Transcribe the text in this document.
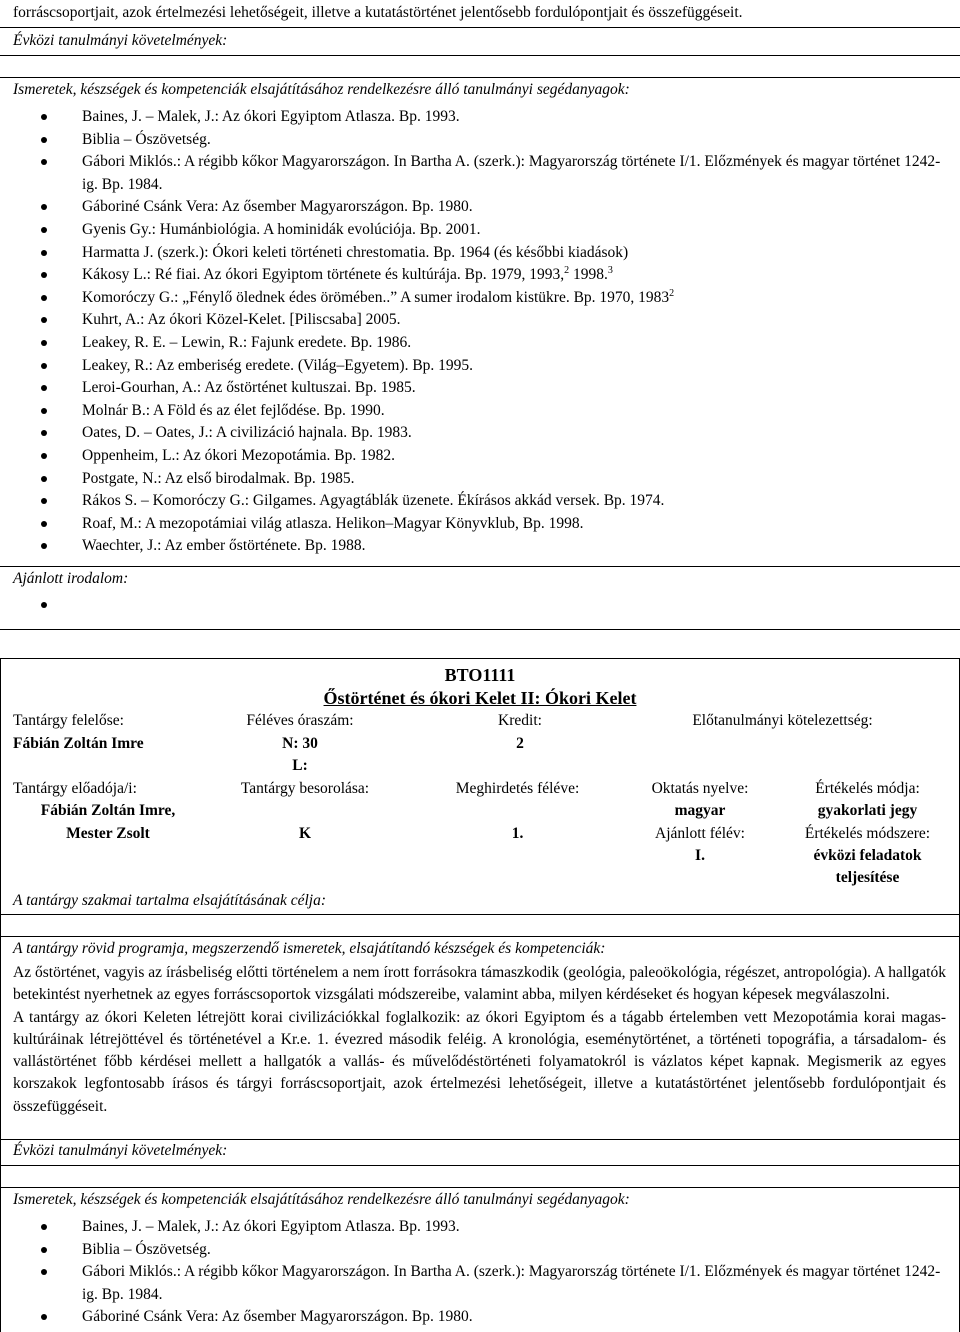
forráscsoportjait, azok értelmezési lehetőségeit, illetve a kutatástörténet jelentősebb fordulópontjait és összefüggéseit.
Évközi tanulmányi követelmények:
Ismeretek, készségek és kompetenciák elsajátításához rendelkezésre álló tanulmányi segédanyagok:
Baines, J. – Malek, J.: Az ókori Egyiptom Atlasza. Bp. 1993.
Biblia – Ószövetség.
Gábori Miklós.: A régibb kőkor Magyarországon. In Bartha A. (szerk.): Magyarország története I/1. Előzmények és magyar történet 1242-ig. Bp. 1984.
Gáboriné Csánk Vera: Az ősember Magyarországon. Bp. 1980.
Gyenis Gy.: Humánbiológia. A hominidák evolúciója. Bp. 2001.
Harmatta J. (szerk.): Ókori keleti történeti chrestomatia. Bp. 1964 (és későbbi kiadások)
Kákosy L.: Ré fiai. Az ókori Egyiptom története és kultúrája. Bp. 1979, 1993,$^2$ 1998.$^3$
Komoróczy G.: „Fénylő ölednek édes örömében..” A sumer irodalom kistükre. Bp. 1970, 1983$^2$
Kuhrt, A.: Az ókori Közel-Kelet. [Piliscsaba] 2005.
Leakey, R. E. – Lewin, R.: Fajunk eredete. Bp. 1986.
Leakey, R.: Az emberiség eredete. (Világ–Egyetem). Bp. 1995.
Leroi-Gourhan, A.: Az őstörténet kultuszai. Bp. 1985.
Molnár B.: A Föld és az élet fejlődése. Bp. 1990.
Oates, D. – Oates, J.: A civilizáció hajnala. Bp. 1983.
Oppenheim, L.: Az ókori Mezopotámia. Bp. 1982.
Postgate, N.: Az első birodalmak. Bp. 1985.
Rákos S. – Komoróczy G.: Gilgames. Agyagtáblák üzenete. Ékírásos akkád versek. Bp. 1974.
Roaf, M.: A mezopotámiai világ atlasza. Helikon–Magyar Könyvklub, Bp. 1998.
Waechter, J.: Az ember őstörténete. Bp. 1988.
Ajánlott irodalom:

BTO1111
Őstörténet és ókori Kelet II: Ókori Kelet
Tantárgy felelőse:
Fábián Zoltán Imre
Féléves óraszám:
N: 30
L:
Kredit:
2
Előtanulmányi kötelezettség:
Tantárgy előadója/i:
Fábián Zoltán Imre,
Mester Zsolt
Tantárgy besorolása:
K
Meghirdetés féléve:
1.
Oktatás nyelve:
magyar
Ajánlott félév:
I.
Értékelés módja:
gyakorlati jegy
Értékelés módszere:
évközi feladatok
teljesítése
A tantárgy szakmai tartalma elsajátításának célja:
A tantárgy rövid programja, megszerzendő ismeretek, elsajátítandó készségek és kompetenciák:

Az őstörténet, vagyis az írásbeliség előtti történelem a nem írott forrásokra támaszkodik (geológia, paleoökológia, régészet, antropológia). A hallgatók betekintést nyerhetnek az egyes forráscsoportok vizsgálati módszereibe, valamint abba, milyen kérdéseket és hogyan képesek megválaszolni.

A tantárgy az ókori Keleten létrejött korai civilizációkkal foglalkozik: az ókori Egyiptom és a tágabb értelemben vett Mezopotámia korai magas-kultúráinak létrejöttével és történetével a Kr.e. 1. évezred második feléig. A kronológia, eseménytörténet, a történeti topográfia, a társadalom- és vallástörténet főbb kérdései mellett a hallgatók a vallás- és művelődéstörténeti folyamatokról is vázlatos képet kapnak. Megismerik az egyes korszakok legfontosabb írásos és tárgyi forráscsoportjait, azok értelmezési lehetőségeit, illetve a kutatástörténet jelentősebb fordulópontjait és összefüggéseit.

Évközi tanulmányi követelmények:
Ismeretek, készségek és kompetenciák elsajátításához rendelkezésre álló tanulmányi segédanyagok:
Baines, J. – Malek, J.: Az ókori Egyiptom Atlasza. Bp. 1993.
Biblia – Ószövetség.
Gábori Miklós.: A régibb kőkor Magyarországon. In Bartha A. (szerk.): Magyarország története I/1. Előzmények és magyar történet 1242-ig. Bp. 1984.
Gáboriné Csánk Vera: Az ősember Magyarországon. Bp. 1980.
